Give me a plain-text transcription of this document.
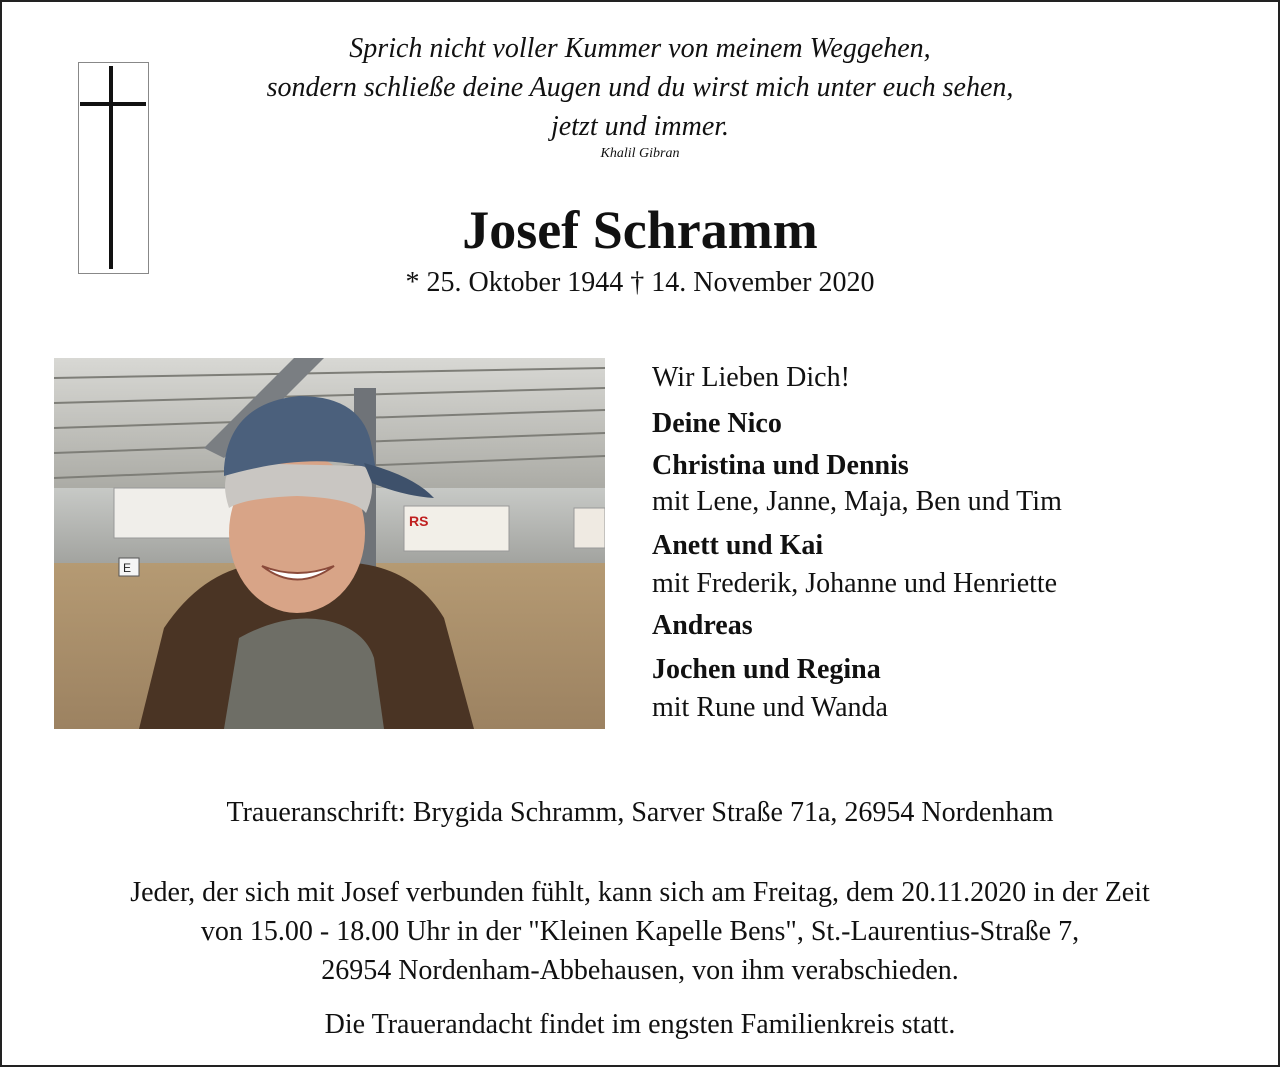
Sprich nicht voller Kummer von meinem Weggehen,
sondern schließe deine Augen und du wirst mich unter euch sehen,
jetzt und immer.
Khalil Gibran
Josef Schramm
* 25. Oktober 1944 † 14. November 2020
RS
E
Wir Lieben Dich!
Deine Nico
Christina und Dennis
mit Lene, Janne, Maja, Ben und Tim
Anett und Kai
mit Frederik, Johanne und Henriette
Andreas
Jochen und Regina
mit Rune und Wanda
Traueranschrift: Brygida Schramm, Sarver Straße 71a, 26954 Nordenham
Jeder, der sich mit Josef verbunden fühlt, kann sich am Freitag, dem 20.11.2020 in der Zeit
von 15.00 - 18.00 Uhr in der "Kleinen Kapelle Bens", St.-Laurentius-Straße 7,
26954 Nordenham-Abbehausen, von ihm verabschieden.
Die Trauerandacht findet im engsten Familienkreis statt.
